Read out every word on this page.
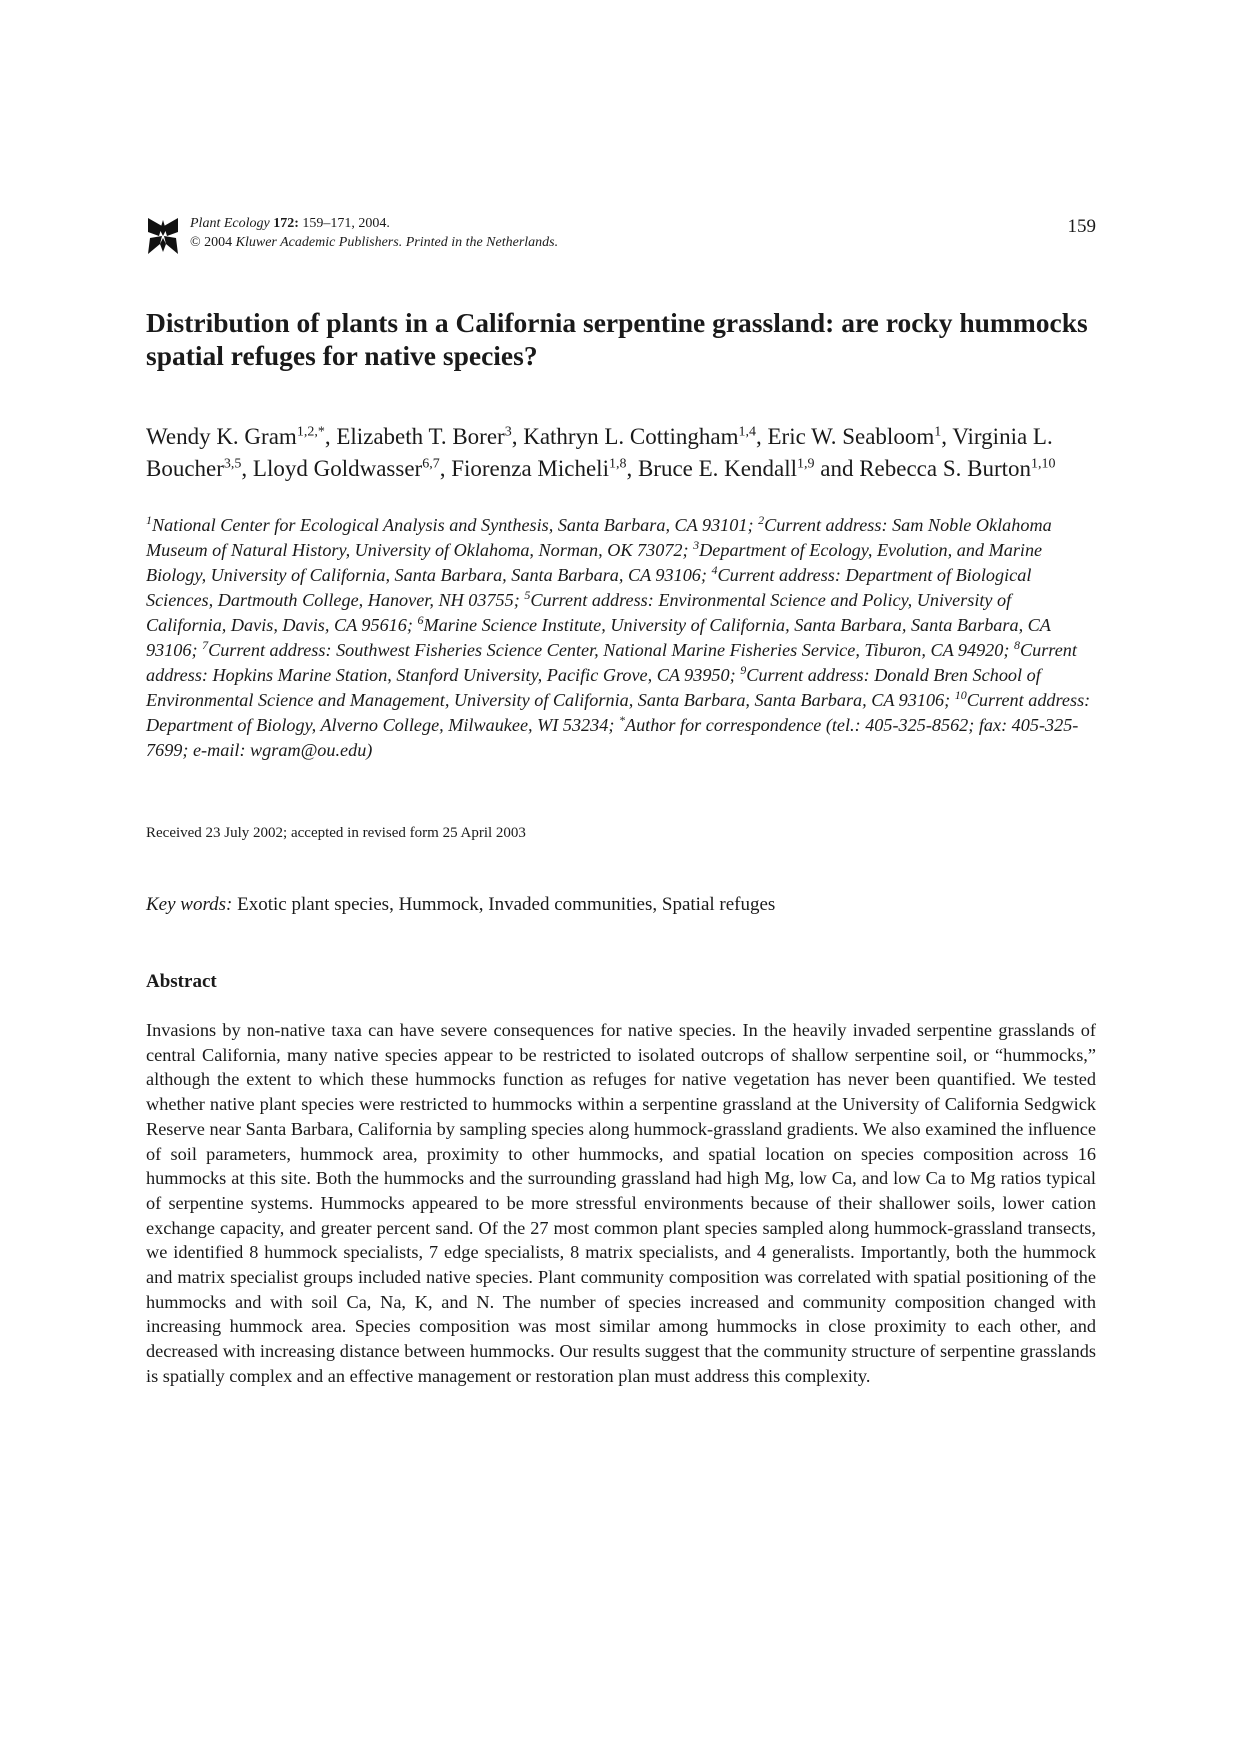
Plant Ecology 172: 159–171, 2004.
© 2004 Kluwer Academic Publishers. Printed in the Netherlands.
159
Distribution of plants in a California serpentine grassland: are rocky hummocks spatial refuges for native species?
Wendy K. Gram$^{1,2,*}$, Elizabeth T. Borer$^3$, Kathryn L. Cottingham$^{1,4}$, Eric W. Seabloom$^1$, Virginia L. Boucher$^{3,5}$, Lloyd Goldwasser$^{6,7}$, Fiorenza Micheli$^{1,8}$, Bruce E. Kendall$^{1,9}$ and Rebecca S. Burton$^{1,10}$
$^1$National Center for Ecological Analysis and Synthesis, Santa Barbara, CA 93101; $^2$Current address: Sam Noble Oklahoma Museum of Natural History, University of Oklahoma, Norman, OK 73072; $^3$Department of Ecology, Evolution, and Marine Biology, University of California, Santa Barbara, Santa Barbara, CA 93106; $^4$Current address: Department of Biological Sciences, Dartmouth College, Hanover, NH 03755; $^5$Current address: Environmental Science and Policy, University of California, Davis, Davis, CA 95616; $^6$Marine Science Institute, University of California, Santa Barbara, Santa Barbara, CA 93106; $^7$Current address: Southwest Fisheries Science Center, National Marine Fisheries Service, Tiburon, CA 94920; $^8$Current address: Hopkins Marine Station, Stanford University, Pacific Grove, CA 93950; $^9$Current address: Donald Bren School of Environmental Science and Management, University of California, Santa Barbara, Santa Barbara, CA 93106; $^{10}$Current address: Department of Biology, Alverno College, Milwaukee, WI 53234; *Author for correspondence (tel.: 405-325-8562; fax: 405-325-7699; e-mail: wgram@ou.edu)
Received 23 July 2002; accepted in revised form 25 April 2003
Key words: Exotic plant species, Hummock, Invaded communities, Spatial refuges
Abstract

Invasions by non-native taxa can have severe consequences for native species. In the heavily invaded serpentine grasslands of central California, many native species appear to be restricted to isolated outcrops of shallow serpentine soil, or “hummocks,” although the extent to which these hummocks function as refuges for native vegetation has never been quantified. We tested whether native plant species were restricted to hummocks within a serpentine grassland at the University of California Sedgwick Reserve near Santa Barbara, California by sampling species along hummock-grassland gradients. We also examined the influence of soil parameters, hummock area, proximity to other hummocks, and spatial location on species composition across 16 hummocks at this site. Both the hummocks and the surrounding grassland had high Mg, low Ca, and low Ca to Mg ratios typical of serpentine systems. Hummocks appeared to be more stressful environments because of their shallower soils, lower cation exchange capacity, and greater percent sand. Of the 27 most common plant species sampled along hummock-grassland transects, we identified 8 hummock specialists, 7 edge specialists, 8 matrix specialists, and 4 generalists. Importantly, both the hummock and matrix specialist groups included native species. Plant community composition was correlated with spatial positioning of the hummocks and with soil Ca, Na, K, and N. The number of species increased and community composition changed with increasing hummock area. Species composition was most similar among hummocks in close proximity to each other, and decreased with increasing distance between hummocks. Our results suggest that the community structure of serpentine grasslands is spatially complex and an effective management or restoration plan must address this complexity.
